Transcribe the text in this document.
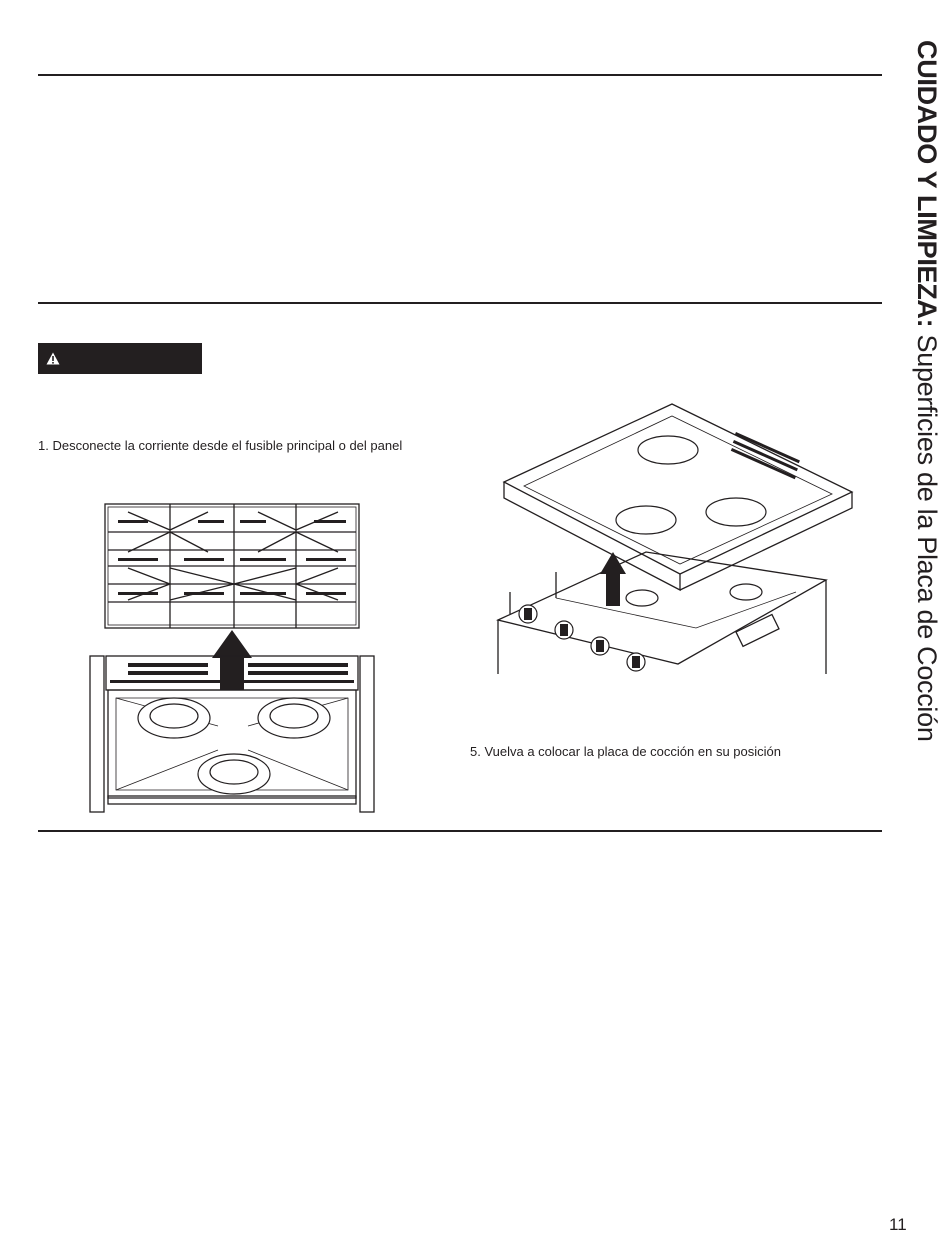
1. Desconecte la corriente desde el fusible principal o del panel
5. Vuelva a colocar la placa de cocción en su posición
CUIDADO Y LIMPIEZA: Superficies de la Placa de Cocción
11
